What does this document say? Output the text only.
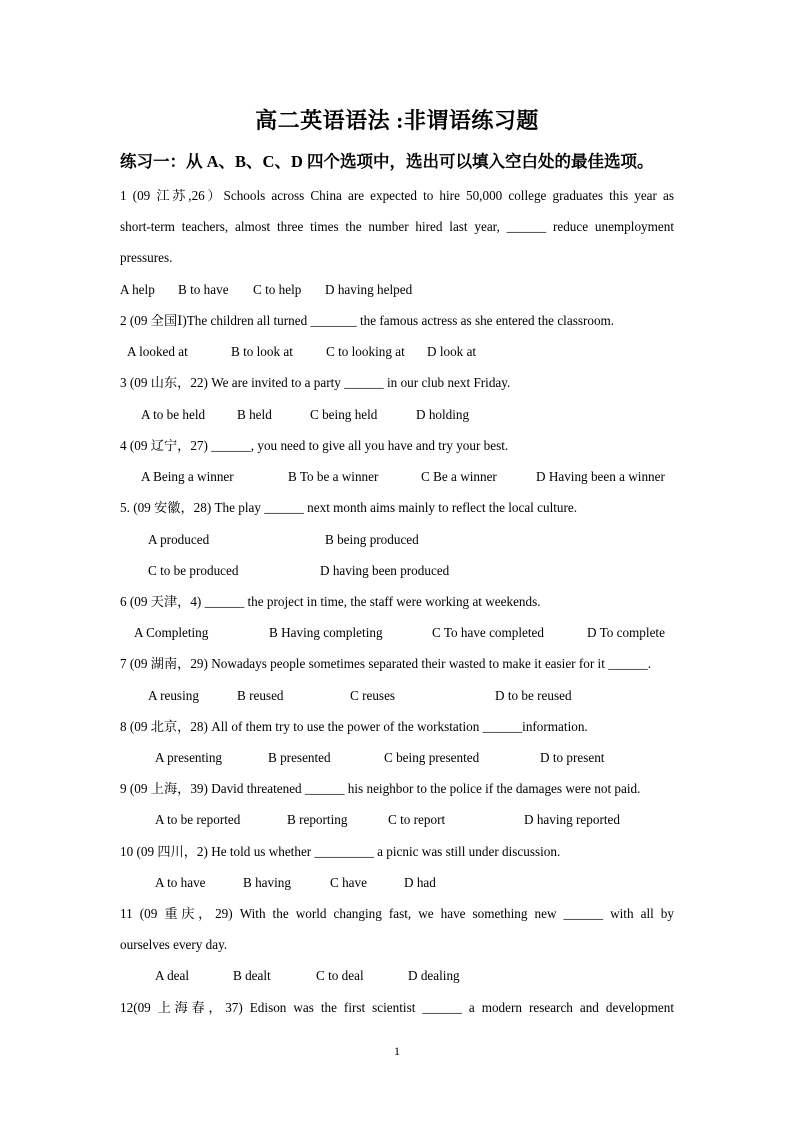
高二英语语法 :非谓语练习题
练习一：从 A、B、C、D 四个选项中，选出可以填入空白处的最佳选项。
1 (09 江苏,26）Schools across China are expected to hire 50,000 college graduates this year as
short-term teachers, almost three times the number hired last year, ______ reduce unemployment
pressures.
A help B to have C to help D having helped
2 (09 全国Ⅰ)The children all turned _______ the famous actress as she entered the classroom.
A looked at	B to look at	C to looking at D look at
3 (09 山东，22) We are invited to a party ______ in our club next Friday.
A to be held B held	C being held	D holding
4 (09 辽宁，27) ______, you need to give all you have and try your best.
A Being a winner	B To be a winner	C Be a winner	D Having been a winner
5. (09 安徽，28) The play ______ next month aims mainly to reflect the local culture.
A produced	B being produced
C to be produced	D having been produced
6 (09 天津，4) ______ the project in time, the staff were working at weekends.
A Completing	B Having completing	C To have completed	D To complete
7 (09 湖南，29) Nowadays people sometimes separated their wasted to make it easier for it ______.
A reusing	B reused	C reuses	D to be reused
8 (09 北京，28) All of them try to use the power of the workstation ______information.
A presenting	B presented	C being presented	D to present
9 (09 上海，39) David threatened ______ his neighbor to the police if the damages were not paid.
A to be reported	B reporting	C to report	D having reported
10 (09 四川，2) He told us whether _________ a picnic was still under discussion.
A to have	B having	C have	D had
11 (09 重庆，29) With the world changing fast, we have something new ______ with all by
ourselves every day.
A deal	B dealt	C to deal	D dealing
12(09 上海春，37) Edison was the first scientist ______ a modern research and development
1
